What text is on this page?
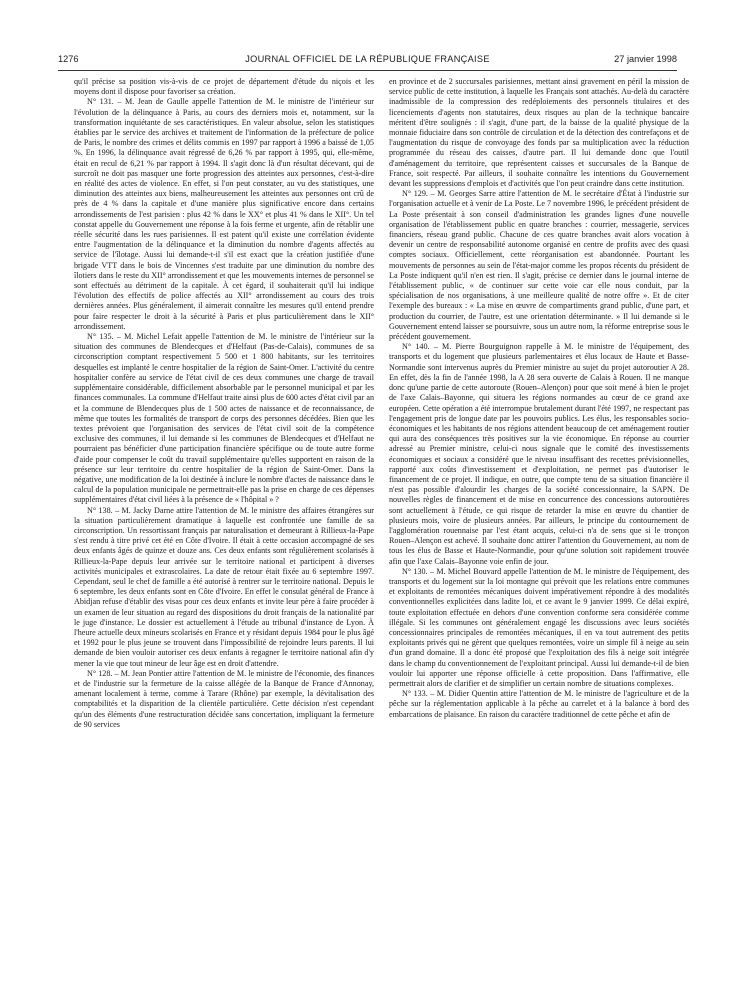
1276	JOURNAL OFFICIEL DE LA RÉPUBLIQUE FRANÇAISE	27 janvier 1998

qu'il précise sa position vis-à-vis de ce projet de département d'étude du niçois et les moyens dont il dispose pour favoriser sa création.

N° 131. – M. Jean de Gaulle appelle l'attention de M. le ministre de l'intérieur sur l'évolution de la délinquance à Paris, au cours des derniers mois et, notamment, sur la transformation inquiétante de ses caractéristiques. En valeur absolue, selon les statistiques établies par le service des archives et traitement de l'information de la préfecture de police de Paris, le nombre des crimes et délits commis en 1997 par rapport à 1996 a baissé de 1,05 %. En 1996, la délinquance avait régressé de 6,26 % par rapport à 1995, qui, elle-même, était en recul de 6,21 % par rapport à 1994. Il s'agit donc là d'un résultat décevant, qui de surcroît ne doit pas masquer une forte progression des atteintes aux personnes, c'est-à-dire en réalité des actes de violence. En effet, si l'on peut constater, au vu des statistiques, une diminution des atteintes aux biens, malheureusement les atteintes aux personnes ont crû de près de 4 % dans la capitale et d'une manière plus significative encore dans certains arrondissements de l'est parisien : plus 42 % dans le XX° et plus 41 % dans le XII°. Un tel constat appelle du Gouvernement une réponse à la fois ferme et urgente, afin de rétablir une réelle sécurité dans les rues parisiennes. Il est patent qu'il existe une corrélation évidente entre l'augmentation de la délinquance et la diminution du nombre d'agents affectés au service de l'îlotage. Aussi lui demande-t-il s'il est exact que la création justifiée d'une brigade VTT dans le bois de Vincennes s'est traduite par une diminution du nombre des îlotiers dans le reste du XII° arrondissement et que les mouvements internes de personnel se sont effectués au détriment de la capitale. À cet égard, il souhaiterait qu'il lui indique l'évolution des effectifs de police affectés au XII° arrondissement au cours des trois dernières années. Plus généralement, il aimerait connaître les mesures qu'il entend prendre pour faire respecter le droit à la sécurité à Paris et plus particulièrement dans le XII° arrondissement.

N° 135. – M. Michel Lefait appelle l'attention de M. le ministre de l'intérieur sur la situation des communes de Blendecques et d'Helfaut (Pas-de-Calais), communes de sa circonscription comptant respectivement 5 500 et 1 800 habitants, sur les territoires desquelles est implanté le centre hospitalier de la région de Saint-Omer. L'activité du centre hospitalier confère au service de l'état civil de ces deux communes une charge de travail supplémentaire considérable, difficilement absorbable par le personnel municipal et par les finances communales. La commune d'Helfaut traite ainsi plus de 600 actes d'état civil par an et la commune de Blendecques plus de 1 500 actes de naissance et de reconnaissance, de même que toutes les formalités de transport de corps des personnes décédées. Bien que les textes prévoient que l'organisation des services de l'état civil soit de la compétence exclusive des communes, il lui demande si les communes de Blendecques et d'Helfaut ne pourraient pas bénéficier d'une participation financière spécifique ou de toute autre forme d'aide pour compenser le coût du travail supplémentaire qu'elles supportent en raison de la présence sur leur territoire du centre hospitalier de la région de Saint-Omer. Dans la négative, une modification de la loi destinée à inclure le nombre d'actes de naissance dans le calcul de la population municipale ne permettrait-elle pas la prise en charge de ces dépenses supplémentaires d'état civil liées à la présence de « l'hôpital » ?

N° 138. – M. Jacky Darne attire l'attention de M. le ministre des affaires étrangères sur la situation particulièrement dramatique à laquelle est confrontée une famille de sa circonscription. Un ressortissant français par naturalisation et demeurant à Rillieux-la-Pape s'est rendu à titre privé cet été en Côte d'Ivoire. Il était à cette occasion accompagné de ses deux enfants âgés de quinze et douze ans. Ces deux enfants sont régulièrement scolarisés à Rillieux-la-Pape depuis leur arrivée sur le territoire national et participent à diverses activités municipales et extrascolaires. La date de retour était fixée au 6 septembre 1997. Cependant, seul le chef de famille a été autorisé à rentrer sur le territoire national. Depuis le 6 septembre, les deux enfants sont en Côte d'Ivoire. En effet le consulat général de France à Abidjan refuse d'établir des visas pour ces deux enfants et invite leur père à faire procéder à un examen de leur situation au regard des dispositions du droit français de la nationalité par le juge d'instance. Le dossier est actuellement à l'étude au tribunal d'instance de Lyon. À l'heure actuelle deux mineurs scolarisés en France et y résidant depuis 1984 pour le plus âgé et 1992 pour le plus jeune se trouvent dans l'impossibilité de rejoindre leurs parents. Il lui demande de bien vouloir autoriser ces deux enfants à regagner le territoire national afin d'y mener la vie que tout mineur de leur âge est en droit d'attendre.

N° 128. – M. Jean Pontier attire l'attention de M. le ministre de l'économie, des finances et de l'industrie sur la fermeture de la caisse allégée de la Banque de France d'Annonay, amenant localement à terme, comme à Tarare (Rhône) par exemple, la dévitalisation des comptabilités et la disparition de la clientèle particulière. Cette décision n'est cependant qu'un des éléments d'une restructuration décidée sans concertation, impliquant la fermeture de 90 services

en province et de 2 succursales parisiennes, mettant ainsi gravement en péril la mission de service public de cette institution, à laquelle les Français sont attachés. Au-delà du caractère inadmissible de la compression des redéploiements des personnels titulaires et des licenciements d'agents non statutaires, deux risques au plan de la technique bancaire méritent d'être soulignés : il s'agit, d'une part, de la baisse de la qualité physique de la monnaie fiduciaire dans son contrôle de circulation et de la détection des contrefaçons et de l'augmentation du risque de convoyage des fonds par sa multiplication avec la réduction programmée du réseau des caisses, d'autre part. Il lui demande donc que l'outil d'aménagement du territoire, que représentent caisses et succursales de la Banque de France, soit respecté. Par ailleurs, il souhaite connaître les intentions du Gouvernement devant les suppressions d'emplois et d'activités que l'on peut craindre dans cette institution.

N° 129. – M. Georges Sarre attire l'attention de M. le secrétaire d'État à l'industrie sur l'organisation actuelle et à venir de La Poste. Le 7 novembre 1996, le précédent président de La Poste présentait à son conseil d'administration les grandes lignes d'une nouvelle organisation de l'établissement public en quatre branches : courrier, messagerie, services financiers, réseau grand public. Chacune de ces quatre branches avait alors vocation à devenir un centre de responsabilité autonome organisé en centre de profits avec des quasi comptes sociaux. Officiellement, cette réorganisation est abandonnée. Pourtant les mouvements de personnes au sein de l'état-major comme les propos récents du président de La Poste indiquent qu'il n'en est rien. Il s'agit, précise ce dernier dans le journal interne de l'établissement public, « de continuer sur cette voie car elle nous conduit, par la spécialisation de nos organisations, à une meilleure qualité de notre offre ». Et de citer l'exemple des bureaux : « La mise en œuvre de compartiments grand public, d'une part, et production du courrier, de l'autre, est une orientation déterminante. » Il lui demande si le Gouvernement entend laisser se poursuivre, sous un autre nom, la réforme entreprise sous le précédent gouvernement.

N° 140. – M. Pierre Bourguignon rappelle à M. le ministre de l'équipement, des transports et du logement que plusieurs parlementaires et élus locaux de Haute et Basse-Normandie sont intervenus auprès du Premier ministre au sujet du projet autoroutier A 28. En effet, dès la fin de l'année 1998, la A 28 sera ouverte de Calais à Rouen. Il ne manque donc qu'une partie de cette autoroute (Rouen–Alençon) pour que soit mené à bien le projet de l'axe Calais–Bayonne, qui situera les régions normandes au cœur de ce grand axe européen. Cette opération a été interrompue brutalement durant l'été 1997, ne respectant pas l'engagement pris de longue date par les pouvoirs publics. Les élus, les responsables socio-économiques et les habitants de nos régions attendent beaucoup de cet aménagement routier qui aura des conséquences très positives sur la vie économique. En réponse au courrier adressé au Premier ministre, celui-ci nous signale que le comité des investissements économiques et sociaux a considéré que le niveau insuffisant des recettes prévisionnelles, rapporté aux coûts d'investissement et d'exploitation, ne permet pas d'autoriser le financement de ce projet. Il indique, en outre, que compte tenu de sa situation financière il n'est pas possible d'alourdir les charges de la société concessionnaire, la SAPN. De nouvelles règles de financement et de mise en concurrence des concessions autoroutières sont actuellement à l'étude, ce qui risque de retarder la mise en œuvre du chantier de plusieurs mois, voire de plusieurs années. Par ailleurs, le principe du contournement de l'agglomération rouennaise par l'est étant acquis, celui-ci n'a de sens que si le tronçon Rouen–Alençon est achevé. Il souhaite donc attirer l'attention du Gouvernement, au nom de tous les élus de Basse et Haute-Normandie, pour qu'une solution soit rapidement trouvée afin que l'axe Calais–Bayonne voie enfin de jour.

N° 130. – M. Michel Bouvard appelle l'attention de M. le ministre de l'équipement, des transports et du logement sur la loi montagne qui prévoit que les relations entre communes et exploitants de remontées mécaniques doivent impérativement répondre à des modalités conventionnelles explicitées dans ladite loi, et ce avant le 9 janvier 1999. Ce délai expiré, toute exploitation effectuée en dehors d'une convention conforme sera considérée comme illégale. Si les communes ont généralement engagé les discussions avec leurs sociétés concessionnaires principales de remontées mécaniques, il en va tout autrement des petits exploitants privés qui ne gèrent que quelques remontées, voire un simple fil à neige au sein d'un grand domaine. Il a donc été proposé que l'exploitation des fils à neige soit intégrée dans le champ du conventionnement de l'exploitant principal. Aussi lui demande-t-il de bien vouloir lui apporter une réponse officielle à cette proposition. Dans l'affirmative, elle permettrait alors de clarifier et de simplifier un certain nombre de situations complexes.

N° 133. – M. Didier Quentin attire l'attention de M. le ministre de l'agriculture et de la pêche sur la réglementation applicable à la pêche au carrelet et à la balance à bord des embarcations de plaisance. En raison du caractère traditionnel de cette pêche et afin de
